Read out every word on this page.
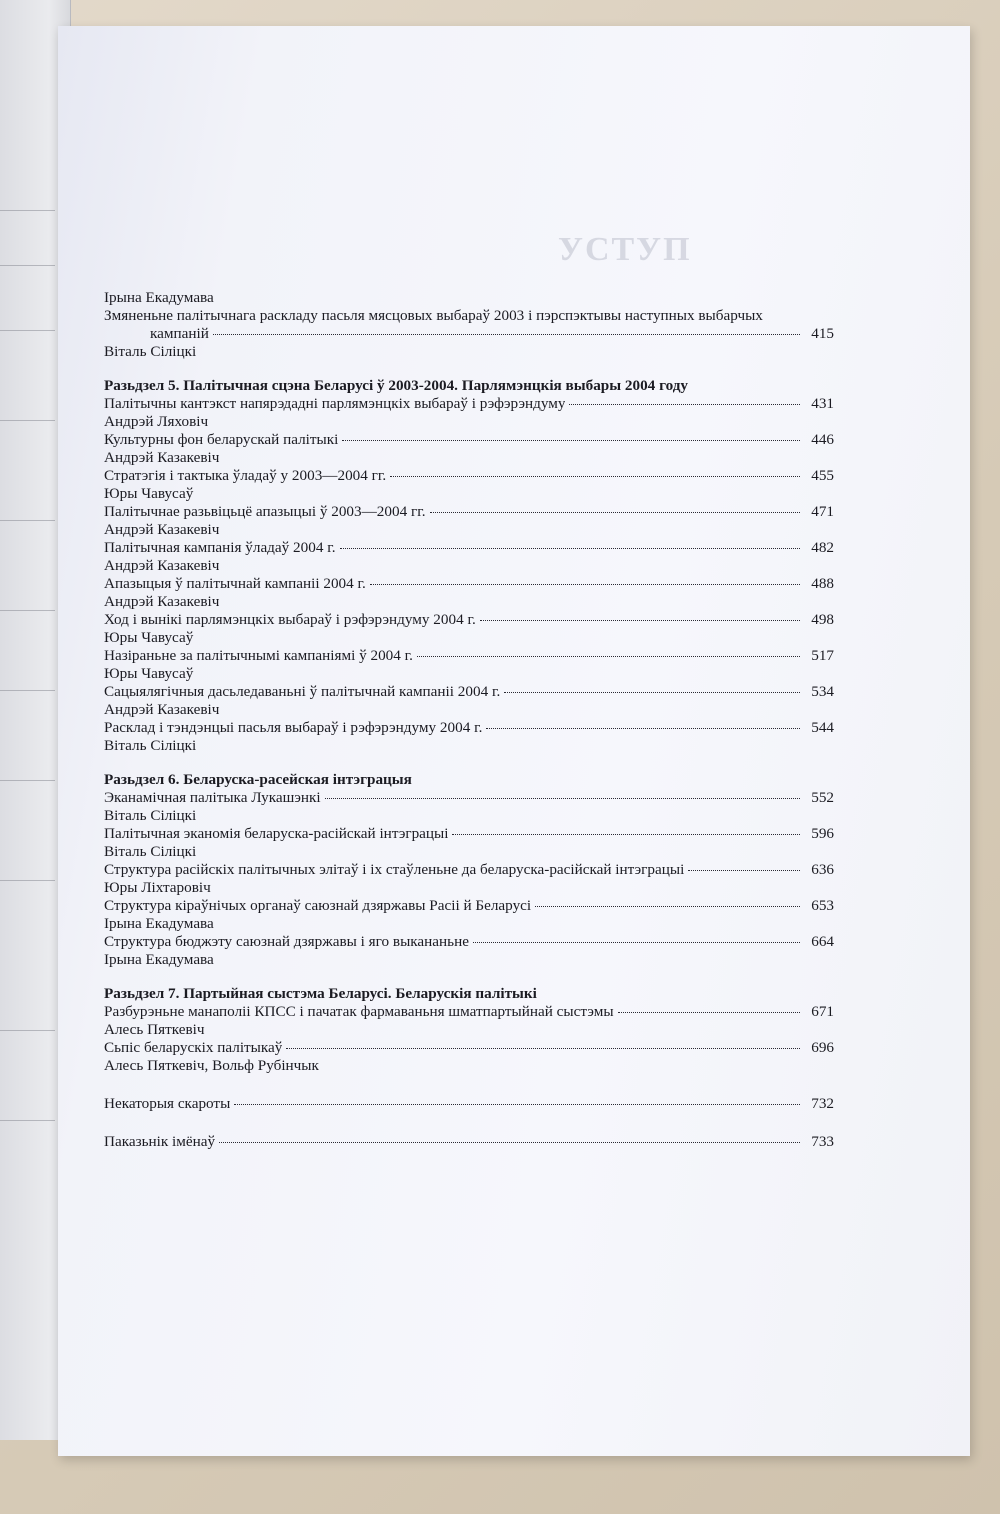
УСТУП
Ірына Екадумава
Змяненьне палітычнага раскладу пасьля мясцовых выбараў 2003 і пэрспэктывы наступных выбарчых
кампаній	415
Віталь Сіліцкі
Разьдзел 5. Палітычная сцэна Беларусі ў 2003-2004. Парлямэнцкія выбары 2004 году
Палітычны кантэкст напярэдадні парлямэнцкіх выбараў і рэфэрэндуму	431
Андрэй Ляховіч
Культурны фон беларускай палітыкі	446
Андрэй Казакевіч
Стратэгія і тактыка ўладаў у 2003—2004 гг.	455
Юры Чавусаў
Палітычнае разьвіцьцё апазыцыі ў 2003—2004 гг.	471
Андрэй Казакевіч
Палітычная кампанія ўладаў 2004 г.	482
Андрэй Казакевіч
Апазыцыя ў палітычнай кампаніі 2004 г.	488
Андрэй Казакевіч
Ход і вынікі парлямэнцкіх выбараў і рэфэрэндуму 2004 г.	498
Юры Чавусаў
Назіраньне за палітычнымі кампаніямі ў 2004 г.	517
Юры Чавусаў
Сацыялягічныя дасьледаваньні ў палітычнай кампаніі 2004 г.	534
Андрэй Казакевіч
Расклад і тэндэнцыі пасьля выбараў і рэфэрэндуму 2004 г.	544
Віталь Сіліцкі
Разьдзел 6. Беларуска-расейская інтэграцыя
Эканамічная палітыка Лукашэнкі	552
Віталь Сіліцкі
Палітычная эканомія беларуска-расійскай інтэграцыі	596
Віталь Сіліцкі
Структура расійскіх палітычных элітаў і іх стаўленьне да беларуска-расійскай інтэграцыі	636
Юры Ліхтаровіч
Структура кіраўнічых органаў саюзнай дзяржавы Расіі й Беларусі	653
Ірына Екадумава
Структура бюджэту саюзнай дзяржавы і яго выкананьне	664
Ірына Екадумава
Разьдзел 7. Партыйная сыстэма Беларусі. Беларускія палітыкі
Разбурэньне манаполіі КПСС і пачатак фармаваньня шматпартыйнай сыстэмы	671
Алесь Пяткевіч
Сьпіс беларускіх палітыкаў	696
Алесь Пяткевіч, Вольф Рубінчык
Некаторыя скароты	732
Паказьнік імёнаў	733
